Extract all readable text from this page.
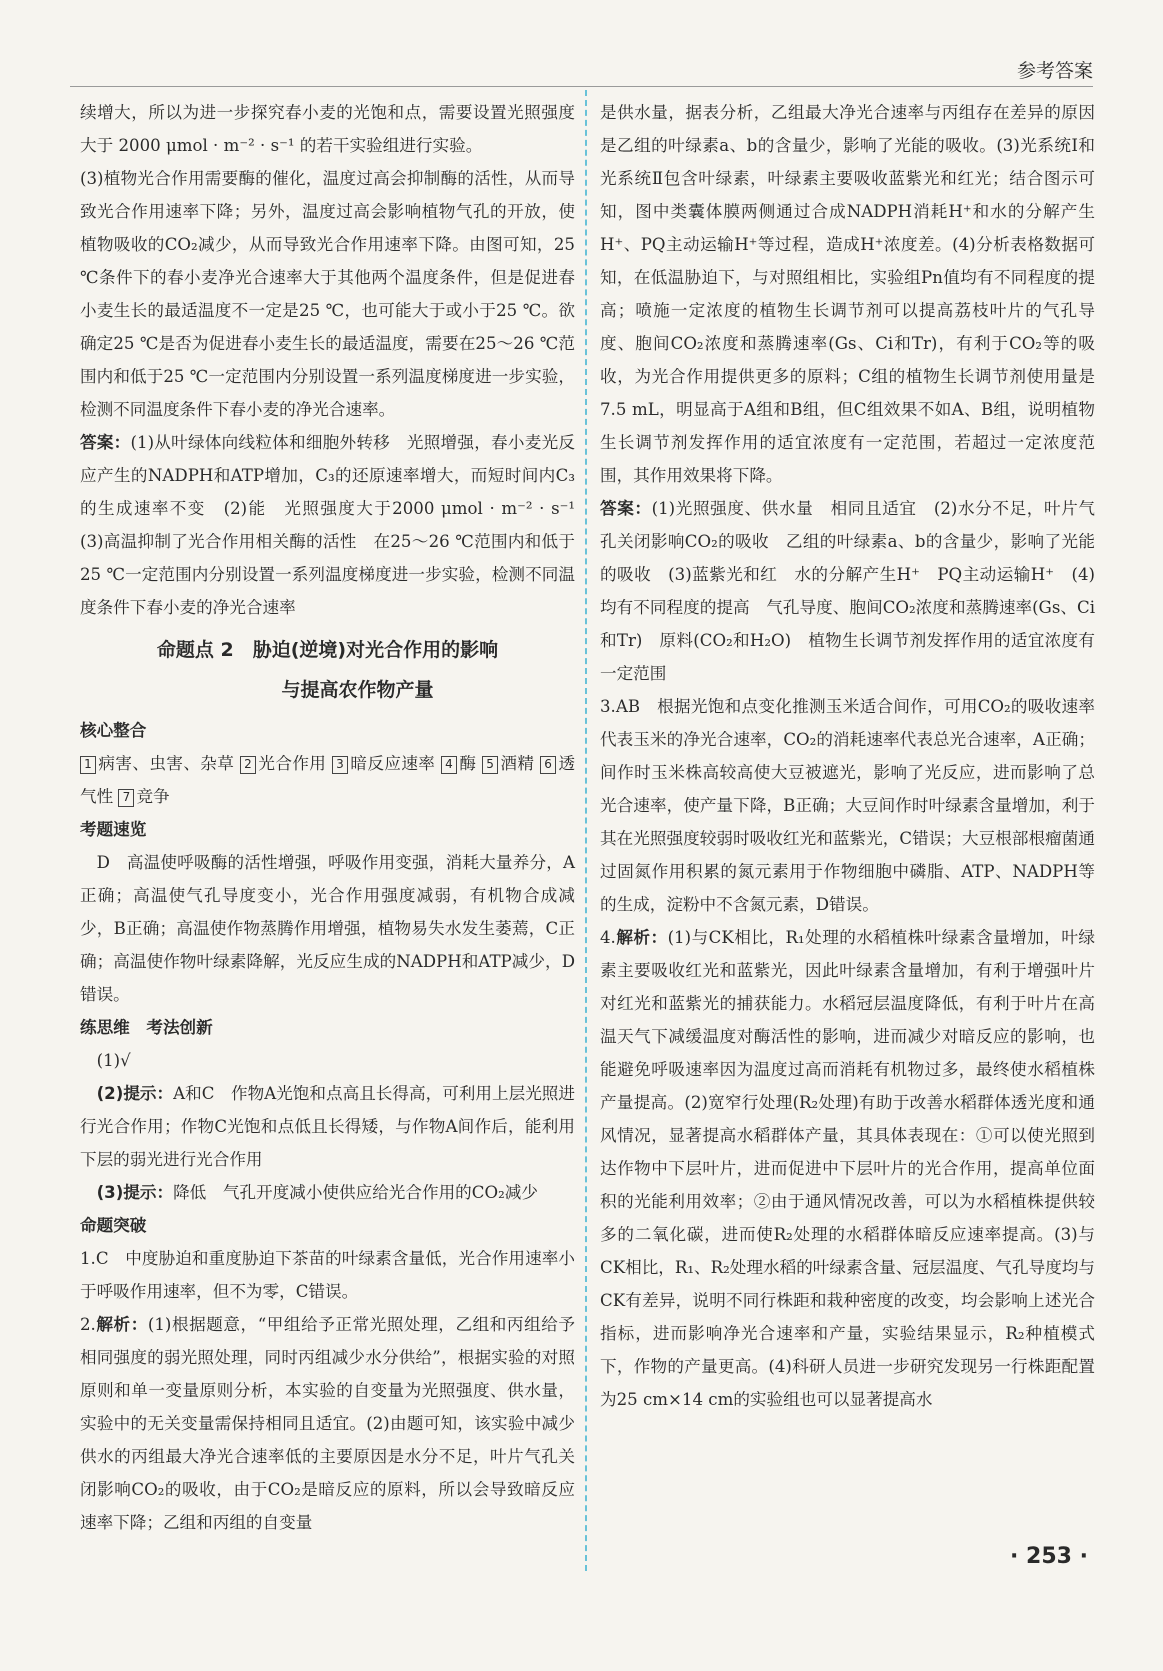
参考答案

续增大，所以为进一步探究春小麦的光饱和点，需要设置光照强度大于 2000 μmol · m⁻² · s⁻¹ 的若干实验组进行实验。

(3)植物光合作用需要酶的催化，温度过高会抑制酶的活性，从而导致光合作用速率下降；另外，温度过高会影响植物气孔的开放，使植物吸收的CO₂减少，从而导致光合作用速率下降。由图可知，25 ℃条件下的春小麦净光合速率大于其他两个温度条件，但是促进春小麦生长的最适温度不一定是25 ℃，也可能大于或小于25 ℃。欲确定25 ℃是否为促进春小麦生长的最适温度，需要在25～26 ℃范围内和低于25 ℃一定范围内分别设置一系列温度梯度进一步实验，检测不同温度条件下春小麦的净光合速率。

答案：(1)从叶绿体向线粒体和细胞外转移　光照增强，春小麦光反应产生的NADPH和ATP增加，C₃的还原速率增大，而短时间内C₃的生成速率不变　(2)能　光照强度大于2000 μmol · m⁻² · s⁻¹　(3)高温抑制了光合作用相关酶的活性　在25～26 ℃范围内和低于25 ℃一定范围内分别设置一系列温度梯度进一步实验，检测不同温度条件下春小麦的净光合速率

命题点 2　胁迫(逆境)对光合作用的影响
与提高农作物产量

核心整合

1 病害、虫害、杂草 2 光合作用 3 暗反应速率 4 酶 5 酒精 6 透气性 7 竞争

考题速览

D　高温使呼吸酶的活性增强，呼吸作用变强，消耗大量养分，A正确；高温使气孔导度变小，光合作用强度减弱，有机物合成减少，B正确；高温使作物蒸腾作用增强，植物易失水发生萎蔫，C正确；高温使作物叶绿素降解，光反应生成的NADPH和ATP减少，D错误。

练思维　考法创新

(1)√

(2)提示：A和C　作物A光饱和点高且长得高，可利用上层光照进行光合作用；作物C光饱和点低且长得矮，与作物A间作后，能利用下层的弱光进行光合作用

(3)提示：降低　气孔开度减小使供应给光合作用的CO₂减少

命题突破

1.C　中度胁迫和重度胁迫下茶苗的叶绿素含量低，光合作用速率小于呼吸作用速率，但不为零，C错误。

2.解析：(1)根据题意，“甲组给予正常光照处理，乙组和丙组给予相同强度的弱光照处理，同时丙组减少水分供给”，根据实验的对照原则和单一变量原则分析，本实验的自变量为光照强度、供水量，实验中的无关变量需保持相同且适宜。(2)由题可知，该实验中减少供水的丙组最大净光合速率低的主要原因是水分不足，叶片气孔关闭影响CO₂的吸收，由于CO₂是暗反应的原料，所以会导致暗反应速率下降；乙组和丙组的自变量

是供水量，据表分析，乙组最大净光合速率与丙组存在差异的原因是乙组的叶绿素a、b的含量少，影响了光能的吸收。(3)光系统Ⅰ和光系统Ⅱ包含叶绿素，叶绿素主要吸收蓝紫光和红光；结合图示可知，图中类囊体膜两侧通过合成NADPH消耗H⁺和水的分解产生H⁺、PQ主动运输H⁺等过程，造成H⁺浓度差。(4)分析表格数据可知，在低温胁迫下，与对照组相比，实验组Pn值均有不同程度的提高；喷施一定浓度的植物生长调节剂可以提高荔枝叶片的气孔导度、胞间CO₂浓度和蒸腾速率(Gs、Ci和Tr)，有利于CO₂等的吸收，为光合作用提供更多的原料；C组的植物生长调节剂使用量是7.5 mL，明显高于A组和B组，但C组效果不如A、B组，说明植物生长调节剂发挥作用的适宜浓度有一定范围，若超过一定浓度范围，其作用效果将下降。

答案：(1)光照强度、供水量　相同且适宜　(2)水分不足，叶片气孔关闭影响CO₂的吸收　乙组的叶绿素a、b的含量少，影响了光能的吸收　(3)蓝紫光和红　水的分解产生H⁺　PQ主动运输H⁺　(4)均有不同程度的提高　气孔导度、胞间CO₂浓度和蒸腾速率(Gs、Ci和Tr)　原料(CO₂和H₂O)　植物生长调节剂发挥作用的适宜浓度有一定范围

3.AB　根据光饱和点变化推测玉米适合间作，可用CO₂的吸收速率代表玉米的净光合速率，CO₂的消耗速率代表总光合速率，A正确；间作时玉米株高较高使大豆被遮光，影响了光反应，进而影响了总光合速率，使产量下降，B正确；大豆间作时叶绿素含量增加，利于其在光照强度较弱时吸收红光和蓝紫光，C错误；大豆根部根瘤菌通过固氮作用积累的氮元素用于作物细胞中磷脂、ATP、NADPH等的生成，淀粉中不含氮元素，D错误。

4.解析：(1)与CK相比，R₁处理的水稻植株叶绿素含量增加，叶绿素主要吸收红光和蓝紫光，因此叶绿素含量增加，有利于增强叶片对红光和蓝紫光的捕获能力。水稻冠层温度降低，有利于叶片在高温天气下减缓温度对酶活性的影响，进而减少对暗反应的影响，也能避免呼吸速率因为温度过高而消耗有机物过多，最终使水稻植株产量提高。(2)宽窄行处理(R₂处理)有助于改善水稻群体透光度和通风情况，显著提高水稻群体产量，其具体表现在：①可以使光照到达作物中下层叶片，进而促进中下层叶片的光合作用，提高单位面积的光能利用效率；②由于通风情况改善，可以为水稻植株提供较多的二氧化碳，进而使R₂处理的水稻群体暗反应速率提高。(3)与CK相比，R₁、R₂处理水稻的叶绿素含量、冠层温度、气孔导度均与CK有差异，说明不同行株距和栽种密度的改变，均会影响上述光合指标，进而影响净光合速率和产量，实验结果显示，R₂种植模式下，作物的产量更高。(4)科研人员进一步研究发现另一行株距配置为25 cm×14 cm的实验组也可以显著提高水

· 253 ·
